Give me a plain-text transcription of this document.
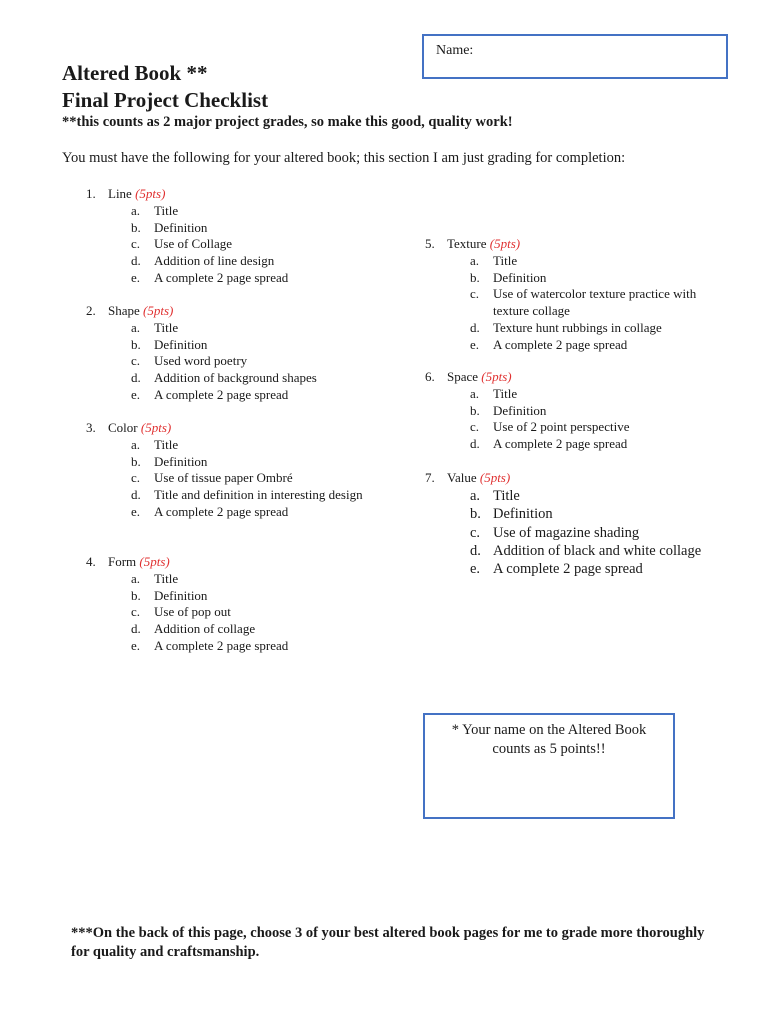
Name:
Altered Book **
Final Project Checklist
**this counts as 2 major project grades, so make this good, quality work!
You must have the following for your altered book; this section I am just grading for completion:
1. Line (5pts)
a. Title
b. Definition
c. Use of Collage
d. Addition of line design
e. A complete 2 page spread
2. Shape (5pts)
a. Title
b. Definition
c. Used word poetry
d. Addition of background shapes
e. A complete 2 page spread
3. Color (5pts)
a. Title
b. Definition
c. Use of tissue paper Ombré
d. Title and definition in interesting design
e. A complete 2 page spread
4. Form (5pts)
a. Title
b. Definition
c. Use of pop out
d. Addition of collage
e. A complete 2 page spread
5. Texture (5pts)
a. Title
b. Definition
c. Use of watercolor texture practice with texture collage
d. Texture hunt rubbings in collage
e. A complete 2 page spread
6. Space (5pts)
a. Title
b. Definition
c. Use of 2 point perspective
d. A complete 2 page spread
7. Value (5pts)
a. Title
b. Definition
c. Use of magazine shading
d. Addition of black and white collage
e. A complete 2 page spread
* Your name on the Altered Book counts as 5 points!!
***On the back of this page, choose 3 of your best altered book pages for me to grade more thoroughly for quality and craftsmanship.
